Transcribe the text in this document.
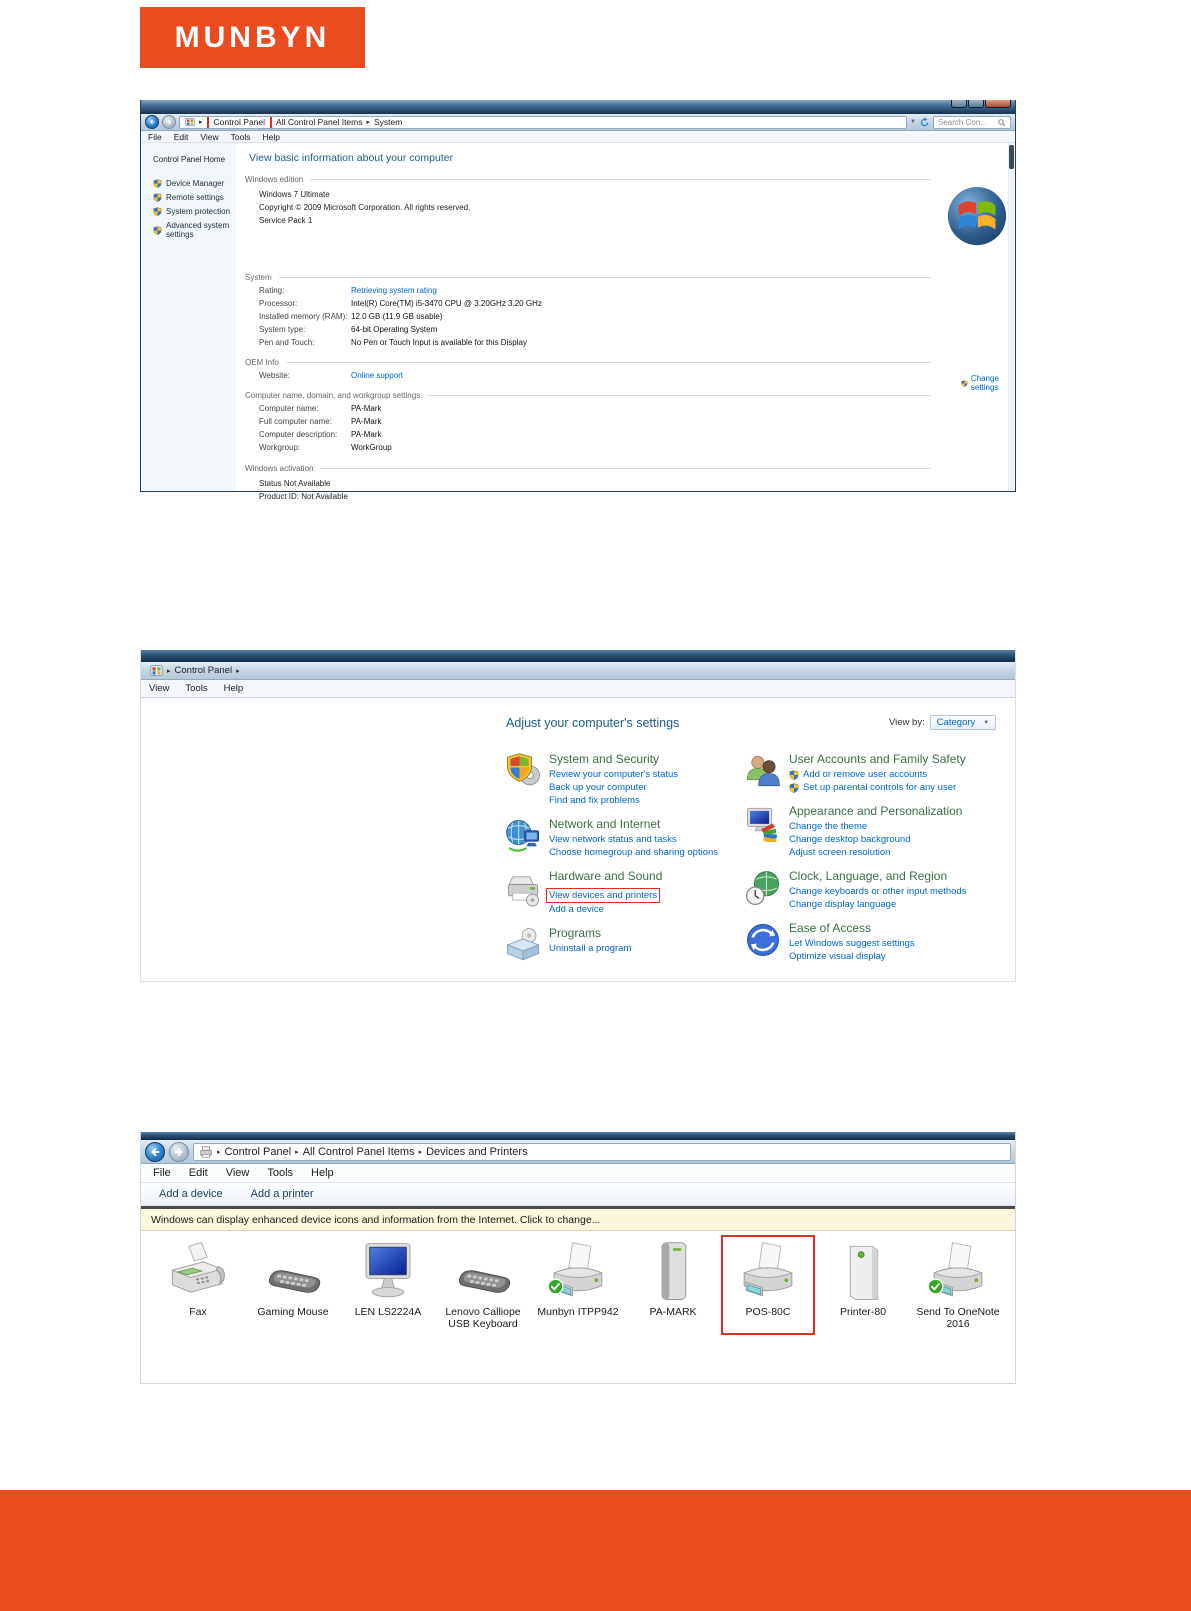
MUNBYN
▸ Control Panel All Control Panel Items ▸ System	▼	Search Con...
File Edit View Tools Help
Control Panel Home
Device Manager
Remote settings
System protection
Advanced system settings
View basic information about your computer
Windows edition
Windows 7 Ultimate
Copyright © 2009 Microsoft Corporation. All rights reserved.
Service Pack 1
System
Rating:	Retrieving system rating
Processor:	Intel(R) Core(TM) i5-3470 CPU @ 3.20GHz 3.20 GHz
Installed memory (RAM): 12.0 GB (11.9 GB usable)
System type:	64-bit Operating System
Pen and Touch:	No Pen or Touch Input is available for this Display
OEM Info
Website:	Online support
Computer name, domain, and workgroup settings
Computer name:	PA-Mark
Full computer name:	PA-Mark
Computer description:	PA-Mark
Workgroup:	WorkGroup
Windows activation
Status Not Available
Product ID: Not Available
Change settings
▸ Control Panel ▸
View Tools Help
Adjust your computer's settings	View by: Category ▼
System and Security
Review your computer's status
Back up your computer
Find and fix problems
Network and Internet
View network status and tasks
Choose homegroup and sharing options
Hardware and Sound
View devices and printers
Add a device
Programs
Uninstall a program
User Accounts and Family Safety
Add or remove user accounts
Set up parental controls for any user
Appearance and Personalization
Change the theme
Change desktop background
Adjust screen resolution
Clock, Language, and Region
Change keyboards or other input methods
Change display language
Ease of Access
Let Windows suggest settings
Optimize visual display
▸ Control Panel ▸ All Control Panel Items ▸ Devices and Printers
File Edit View Tools Help
Add a device	Add a printer
Windows can display enhanced device icons and information from the Internet. Click to change...
Fax	Gaming Mouse	LEN LS2224A	Lenovo Calliope USB Keyboard
Munbyn ITPP942	PA-MARK	POS-80C	Printer-80	Send To OneNote 2016
